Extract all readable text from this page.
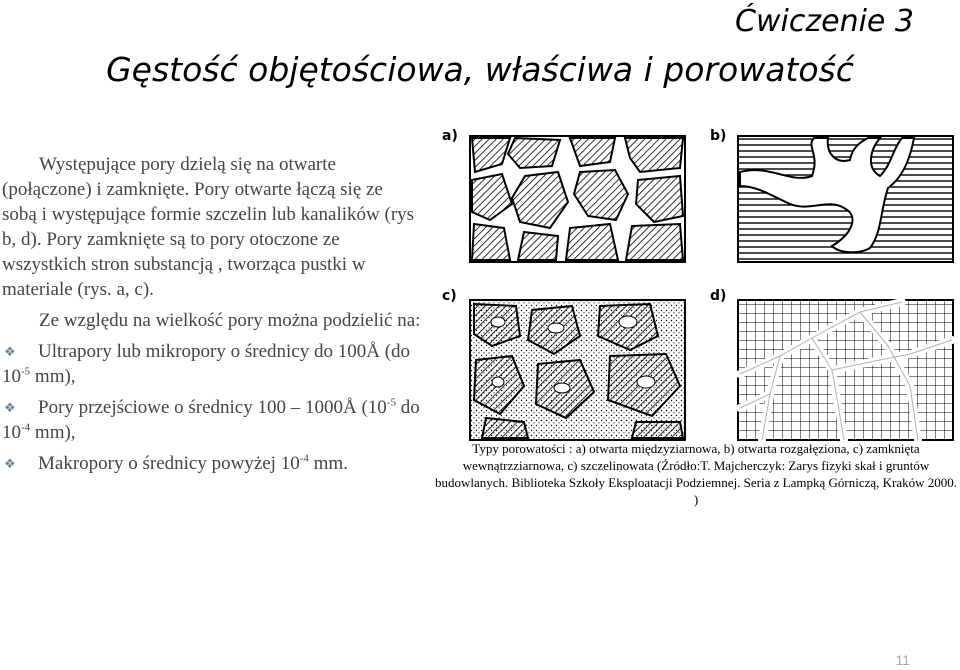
Ćwiczenie 3
Gęstość objętościowa, właściwa i porowatość

Występujące pory dzielą się na otwarte (połączone) i zamknięte. Pory otwarte łączą się ze sobą i występujące formie szczelin lub kanalików (rys b, d). Pory zamknięte są to pory otoczone ze wszystkich stron substancją , tworząca pustki w materiale (rys. a, c).

Ze względu na wielkość pory można podzielić na:

❖	Ultrapory lub mikropory o średnicy do 100Å (do $10^{-5}$ mm),
❖	Pory przejściowe o średnicy 100 – 1000Å ($10^{-5}$ do $10^{-4}$ mm),
❖	Makropory o średnicy powyżej $10^{-4}$ mm.
a)	b)
c)	d)
Typy porowatości : a) otwarta międzyziarnowa, b) otwarta rozgałęziona, c) zamknięta wewnątrzziarnowa, c) szczelinowata (Źródło:T. Majcherczyk: Zarys fizyki skał i gruntów budowlanych. Biblioteka Szkoły Eksploatacji Podziemnej. Seria z Lampką Górniczą, Kraków 2000. )
11
